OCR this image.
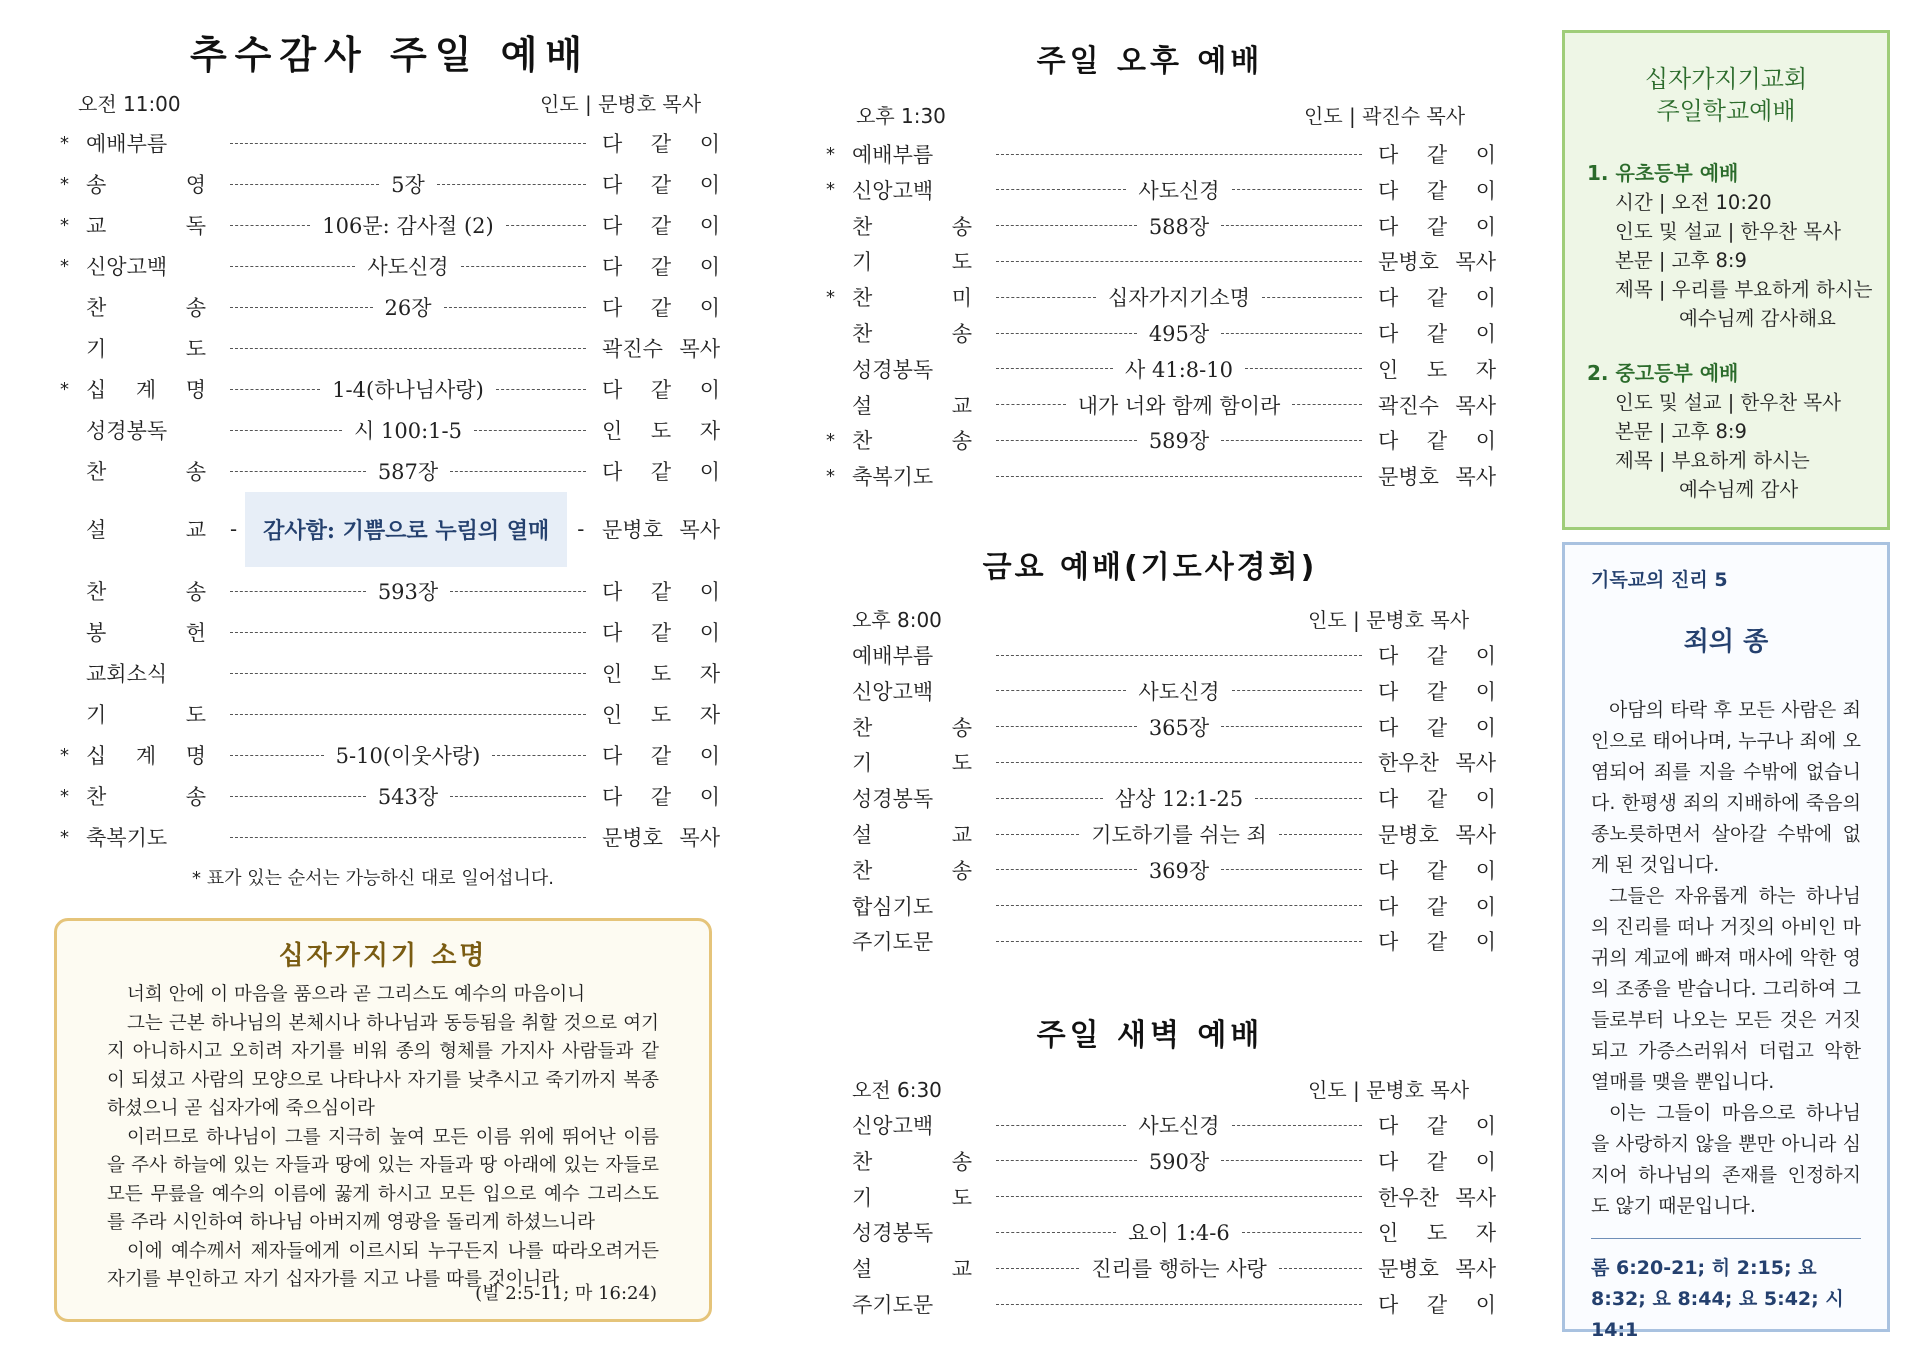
추수감사 주일 예배
오전 11:00	인도 | 문병호 목사
* 예배부름	다 같 이
* 송 영	5장	다 같 이
* 교 독	106문: 감사절 (2)	다 같 이
* 신앙고백	사도신경	다 같 이
찬 송	26장	다 같 이
기 도	곽진수 목사
* 십 계 명	1-4(하나님사랑)	다 같 이
성경봉독	시 100:1-5	인 도 자
찬 송	587장	다 같 이
설 교 -	감사함: 기쁨으로 누림의 열매	- 문병호 목사
찬 송	593장	다 같 이
봉 헌	다 같 이
교회소식	인 도 자
기 도	인 도 자
* 십 계 명	5-10(이웃사랑)	다 같 이
* 찬 송	543장	다 같 이
* 축복기도	문병호 목사
* 표가 있는 순서는 가능하신 대로 일어섭니다.
십자가지기 소명

너희 안에 이 마음을 품으라 곧 그리스도 예수의 마음이니

그는 근본 하나님의 본체시나 하나님과 동등됨을 취할 것으로 여기지 아니하시고 오히려 자기를 비워 종의 형체를 가지사 사람들과 같이 되셨고 사람의 모양으로 나타나사 자기를 낮추시고 죽기까지 복종하셨으니 곧 십자가에 죽으심이라

이러므로 하나님이 그를 지극히 높여 모든 이름 위에 뛰어난 이름을 주사 하늘에 있는 자들과 땅에 있는 자들과 땅 아래에 있는 자들로 모든 무릎을 예수의 이름에 꿇게 하시고 모든 입으로 예수 그리스도를 주라 시인하여 하나님 아버지께 영광을 돌리게 하셨느니라

이에 예수께서 제자들에게 이르시되 누구든지 나를 따라오려거든 자기를 부인하고 자기 십자가를 지고 나를 따를 것이니라

(빌 2:5-11; 마 16:24)
주일 오후 예배
오후 1:30	인도 | 곽진수 목사
* 예배부름	다 같 이
* 신앙고백	사도신경	다 같 이
찬 송	588장	다 같 이
기 도	문병호 목사
* 찬 미	십자가지기소명	다 같 이
찬 송	495장	다 같 이
성경봉독	사 41:8-10	인 도 자
설 교	내가 너와 함께 함이라	곽진수 목사
* 찬 송	589장	다 같 이
* 축복기도	문병호 목사
금요 예배(기도사경회)
오후 8:00	인도 | 문병호 목사
예배부름	다 같 이
신앙고백	사도신경	다 같 이
찬 송	365장	다 같 이
기 도	한우찬 목사
성경봉독	삼상 12:1-25	다 같 이
설 교	기도하기를 쉬는 죄	문병호 목사
찬 송	369장	다 같 이
합심기도	다 같 이
주기도문	다 같 이
주일 새벽 예배
오전 6:30	인도 | 문병호 목사
신앙고백	사도신경	다 같 이
찬 송	590장	다 같 이
기 도	한우찬 목사
성경봉독	요이 1:4-6	인 도 자
설 교	진리를 행하는 사랑	문병호 목사
주기도문	다 같 이
십자가지기교회
주일학교예배
1. 유초등부 예배
시간 | 오전 10:20
인도 및 설교 | 한우찬 목사
본문 | 고후 8:9
제목 | 우리를 부요하게 하시는
예수님께 감사해요
2. 중고등부 예배
인도 및 설교 | 한우찬 목사
본문 | 고후 8:9
제목 | 부요하게 하시는
예수님께 감사
기독교의 진리 5
죄의 종

아담의 타락 후 모든 사람은 죄인으로 태어나며, 누구나 죄에 오염되어 죄를 지을 수밖에 없습니다. 한평생 죄의 지배하에 죽음의 종노릇하면서 살아갈 수밖에 없게 된 것입니다.

그들은 자유롭게 하는 하나님의 진리를 떠나 거짓의 아비인 마귀의 계교에 빠져 매사에 악한 영의 조종을 받습니다. 그리하여 그들로부터 나오는 모든 것은 거짓되고 가증스러워서 더럽고 악한 열매를 맺을 뿐입니다.

이는 그들이 마음으로 하나님을 사랑하지 않을 뿐만 아니라 심지어 하나님의 존재를 인정하지도 않기 때문입니다.

롬 6:20-21; 히 2:15; 요 8:32; 요 8:44; 요 5:42; 시 14:1
